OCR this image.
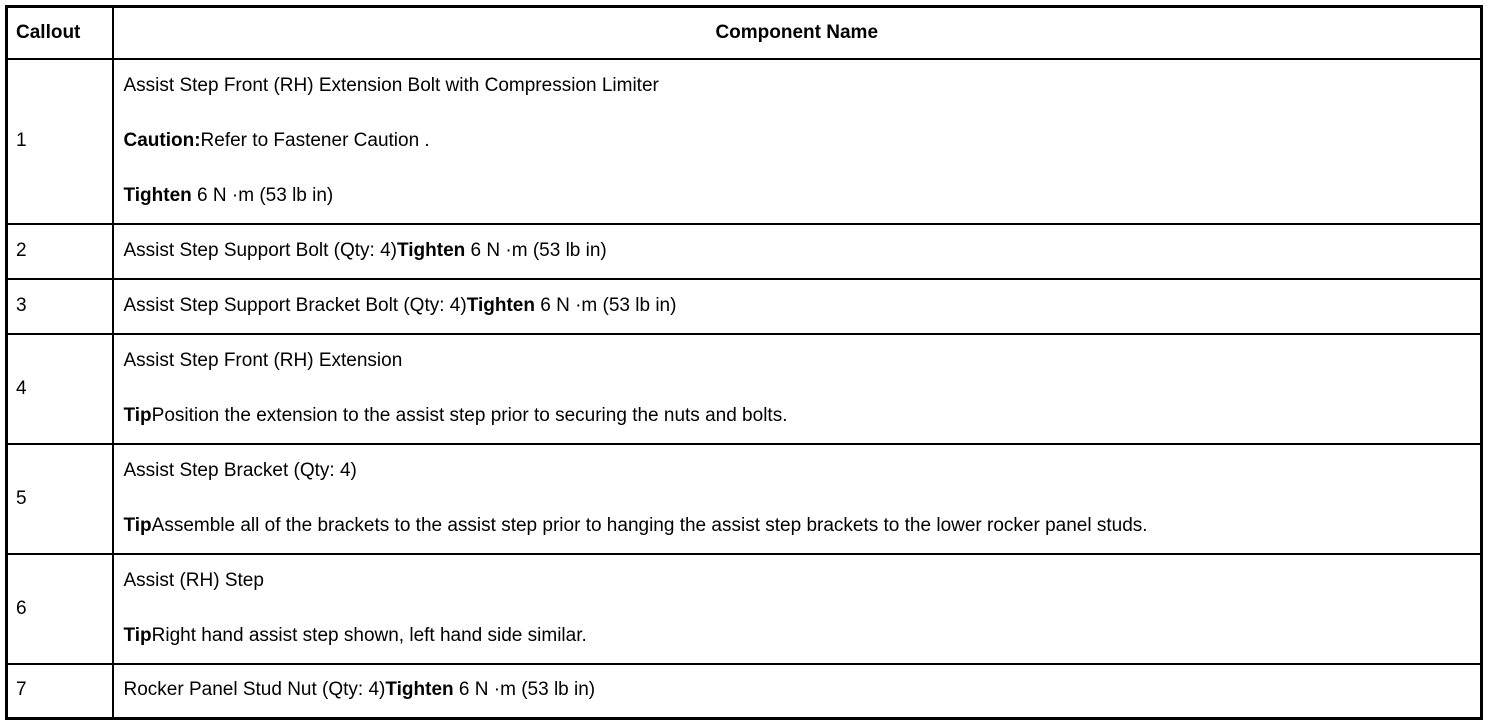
Callout	Component Name
1	Assist Step Front (RH) Extension Bolt with Compression Limiter
Caution:Refer to Fastener Caution .
Tighten 6 N ·m (53 lb in)

2	Assist Step Support Bolt (Qty: 4)Tighten 6 N ·m (53 lb in)

3	Assist Step Support Bracket Bolt (Qty: 4)Tighten 6 N ·m (53 lb in)

4	Assist Step Front (RH) Extension
TipPosition the extension to the assist step prior to securing the nuts and bolts.

5	Assist Step Bracket (Qty: 4)
TipAssemble all of the brackets to the assist step prior to hanging the assist step brackets to the lower rocker panel studs.

6	Assist (RH) Step
TipRight hand assist step shown, left hand side similar.

7	Rocker Panel Stud Nut (Qty: 4)Tighten 6 N ·m (53 lb in)
